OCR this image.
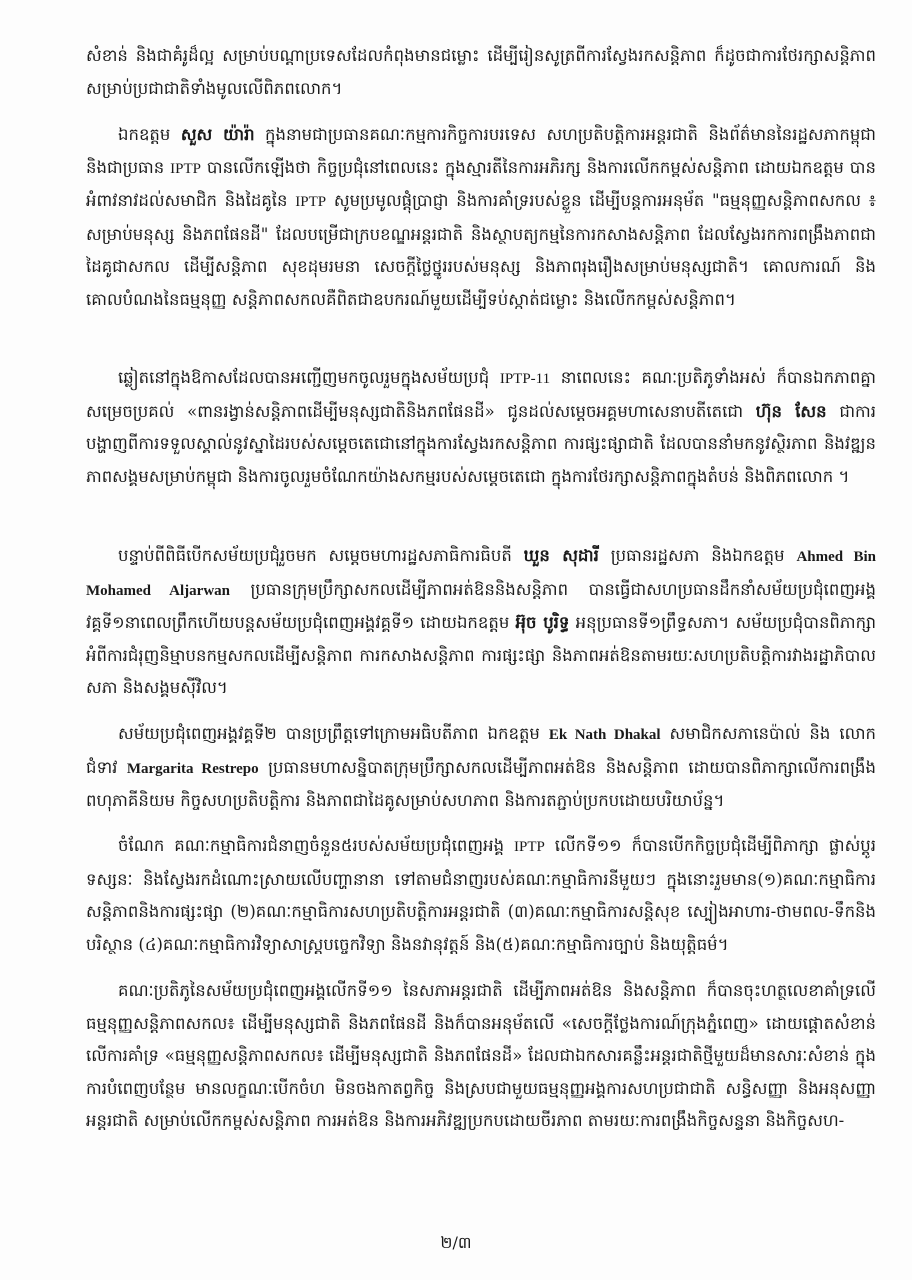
សំខាន់ និងជាគំរូដ៏ល្អ សម្រាប់បណ្តាប្រទេសដែលកំពុងមានជម្លោះ ដើម្បីរៀនសូត្រពីការស្វែងរកសន្តិភាព ក៏ដូចជាការថែរក្សាសន្តិភាពសម្រាប់ប្រជាជាតិទាំងមូលលើពិភពលោក។

ឯកឧត្តម សួស យ៉ារ៉ា ក្នុងនាមជាប្រធានគណៈកម្មការកិច្ចការបរទេស សហប្រតិបត្តិការអន្តរជាតិ និងព័ត៌មាននៃរដ្ឋសភាកម្ពុជា និងជាប្រធាន IPTP បានលើកឡើងថា កិច្ចប្រជុំនៅពេលនេះ ក្នុងស្មារតីនៃការអភិរក្ស និងការលើកកម្ពស់សន្តិភាព ដោយឯកឧត្តម បានអំពាវនាវដល់សមាជិក និងដៃគូនៃ IPTP សូមប្រមូលផ្តុំប្រាជ្ញា និងការគាំទ្ររបស់ខ្លួន ដើម្បីបន្តការអនុម័ត "ធម្មនុញ្ញសន្តិភាពសកល ៖ សម្រាប់មនុស្ស និងភពផែនដី" ដែលបម្រើជាក្របខណ្ឌអន្តរជាតិ និងស្ថាបត្យកម្មនៃការកសាងសន្តិភាព ដែលស្វែងរកការពង្រឹងភាពជាដៃគូជាសកល ដើម្បីសន្តិភាព សុខដុមរមនា សេចក្តីថ្លៃថ្នូររបស់មនុស្ស និងភាពរុងរឿងសម្រាប់មនុស្សជាតិ។ គោលការណ៍ និងគោលបំណងនៃធម្មនុញ្ញ សន្តិភាពសកលគឺពិតជាឧបករណ៍មួយដើម្បីទប់ស្កាត់ជម្លោះ និងលើកកម្ពស់សន្តិភាព។

ឆ្លៀតនៅក្នុងឱកាសដែលបានអញ្ជើញមកចូលរួមក្នុងសម័យប្រជុំ IPTP-11 នាពេលនេះ គណៈប្រតិភូទាំងអស់ ក៏បានឯកភាពគ្នាសម្រេចប្រគល់ «ពានរង្វាន់សន្តិភាពដើម្បីមនុស្សជាតិនិងភពផែនដី» ជូនដល់សម្តេចអគ្គមហាសេនាបតីតេជោ ហ៊ុន សែន ជាការបង្ហាញពីការទទួលស្គាល់នូវស្នាដៃរបស់សម្តេចតេជោនៅក្នុងការស្វែងរកសន្តិភាព ការផ្សះផ្សាជាតិ ដែលបាននាំមកនូវស្ថិរភាព និងវឌ្ឍនភាពសង្គមសម្រាប់កម្ពុជា និងការចូលរួមចំណែកយ៉ាងសកម្មរបស់សម្តេចតេជោ ក្នុងការថែរក្សាសន្តិភាពក្នុងតំបន់ និងពិភពលោក ។

បន្ទាប់ពីពិធីបើកសម័យប្រជុំរួចមក សម្តេចមហារដ្ឋសភាធិការធិបតី ឃួន សុដារី ប្រធានរដ្ឋសភា និងឯកឧត្តម Ahmed Bin Mohamed Aljarwan ប្រធានក្រុមប្រឹក្សាសកលដើម្បីភាពអត់ឱននិងសន្តិភាព បានធ្វើជាសហប្រធានដឹកនាំសម័យប្រជុំពេញអង្គវគ្គទី១នាពេលព្រឹកហើយបន្តសម័យប្រជុំពេញអង្គវគ្គទី១ ដោយឯកឧត្តម អ៊ុច បូរិទ្ធ អនុប្រធានទី១ព្រឹទ្ធសភា។ សម័យប្រជុំបានពិភាក្សាអំពីការជំរុញនិម្មាបនកម្មសកលដើម្បីសន្តិភាព ការកសាងសន្តិភាព ការផ្សះផ្សា និងភាពអត់ឱនតាមរយៈសហប្រតិបត្តិការវាងរដ្ឋាភិបាល សភា និងសង្គមស៊ីវិល។

សម័យប្រជុំពេញអង្គវគ្គទី២ បានប្រព្រឹត្តទៅក្រោមអធិបតីភាព ឯកឧត្តម Ek Nath Dhakal សមាជិកសភានេប៉ាល់ និង លោកជំទាវ Margarita Restrepo ប្រធានមហាសន្និបាតក្រុមប្រឹក្សាសកលដើម្បីភាពអត់ឱន និងសន្តិភាព ដោយបានពិភាក្សាលើការពង្រឹងពហុភាគីនិយម កិច្ចសហប្រតិបត្តិការ និងភាពជាដៃគូសម្រាប់សហភាព និងការតភ្ជាប់ប្រកបដោយបរិយាប័ន្ន។

ចំណែក គណៈកម្មាធិការជំនាញចំនួន៥របស់សម័យប្រជុំពេញអង្គ IPTP លើកទី១១ ក៏បានបើកកិច្ចប្រជុំដើម្បីពិភាក្សា ផ្លាស់ប្តូរទស្សនៈ និងស្វែងរកដំណោះស្រាយលើបញ្ហានានា ទៅតាមជំនាញរបស់គណៈកម្មាធិការនីមួយៗ ក្នុងនោះរួមមាន(១)គណៈកម្មាធិការសន្តិភាពនិងការផ្សះផ្សា (២)គណៈកម្មាធិការសហប្រតិបត្តិការអន្តរជាតិ (៣)គណៈកម្មាធិការសន្តិសុខ ស្បៀងអាហារ-ថាមពល-ទឹកនិងបរិស្ថាន (៤)គណៈកម្មាធិការវិទ្យាសាស្ត្របច្ចេកវិទ្យា និងនវានុវត្តន៍ និង(៥)គណៈកម្មាធិការច្បាប់ និងយុត្តិធម៌។

គណៈប្រតិភូនៃសម័យប្រជុំពេញអង្គលើកទី១១ នៃសភាអន្តរជាតិ ដើម្បីភាពអត់ឱន និងសន្តិភាព ក៏បានចុះហត្ថលេខាគាំទ្រលើ ធម្មនុញ្ញសន្តិភាពសកល៖ ដើម្បីមនុស្សជាតិ និងភពផែនដី និងក៏បានអនុម័តលើ «សេចក្តីថ្លែងការណ៍ក្រុងភ្នំពេញ» ដោយផ្តោតសំខាន់លើការគាំទ្រ «ធម្មនុញ្ញសន្តិភាពសកល៖ ដើម្បីមនុស្សជាតិ និងភពផែនដី» ដែលជាឯកសារគន្លឹះអន្តរជាតិថ្មីមួយដ៏មានសារៈសំខាន់ ក្នុងការបំពេញបន្ថែម មានលក្ខណៈបើកចំហ មិនចងកាតព្វកិច្ច និងស្របជាមួយធម្មនុញ្ញអង្គការសហប្រជាជាតិ សន្ធិសញ្ញា និងអនុសញ្ញាអន្តរជាតិ សម្រាប់លើកកម្ពស់សន្តិភាព ការអត់ឱន និងការអភិវឌ្ឍប្រកបដោយចីរភាព តាមរយៈការពង្រឹងកិច្ចសន្ទនា និងកិច្ចសហ-

២/៣
